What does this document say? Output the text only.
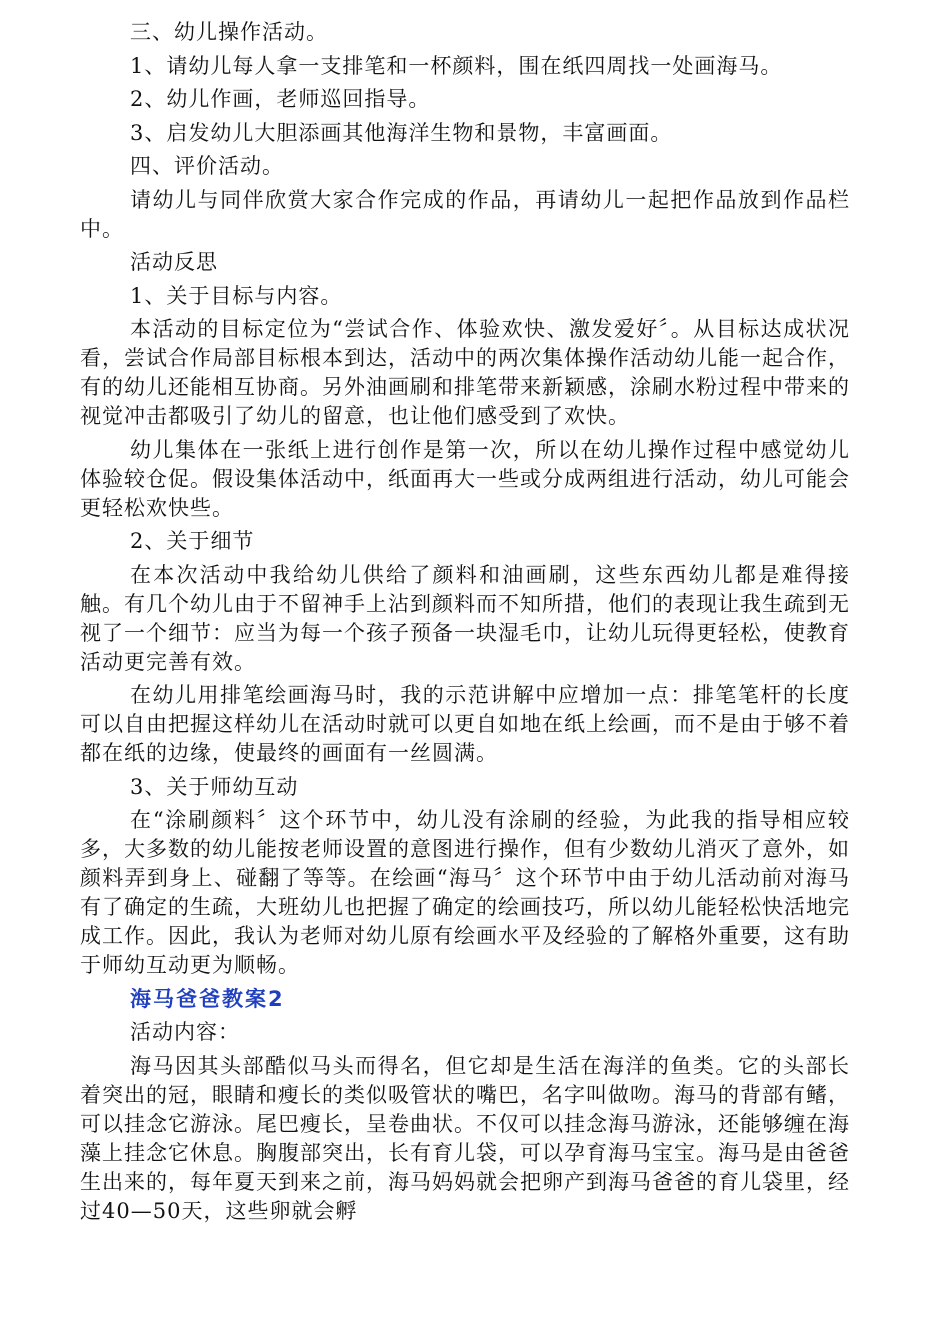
三、幼儿操作活动。

1、请幼儿每人拿一支排笔和一杯颜料，围在纸四周找一处画海马。

2、幼儿作画，老师巡回指导。

3、启发幼儿大胆添画其他海洋生物和景物，丰富画面。

四、评价活动。

请幼儿与同伴欣赏大家合作完成的作品，再请幼儿一起把作品放到作品栏中。

活动反思

1、关于目标与内容。

本活动的目标定位为“尝试合作、体验欢快、激发爱好〞。从目标达成状况看，尝试合作局部目标根本到达，活动中的两次集体操作活动幼儿能一起合作，有的幼儿还能相互协商。另外油画刷和排笔带来新颖感，涂刷水粉过程中带来的视觉冲击都吸引了幼儿的留意，也让他们感受到了欢快。

幼儿集体在一张纸上进行创作是第一次，所以在幼儿操作过程中感觉幼儿体验较仓促。假设集体活动中，纸面再大一些或分成两组进行活动，幼儿可能会更轻松欢快些。

2、关于细节

在本次活动中我给幼儿供给了颜料和油画刷，这些东西幼儿都是难得接触。有几个幼儿由于不留神手上沾到颜料而不知所措，他们的表现让我生疏到无视了一个细节：应当为每一个孩子预备一块湿毛巾，让幼儿玩得更轻松，使教育活动更完善有效。

在幼儿用排笔绘画海马时，我的示范讲解中应增加一点：排笔笔杆的长度可以自由把握这样幼儿在活动时就可以更自如地在纸上绘画，而不是由于够不着都在纸的边缘，使最终的画面有一丝圆满。

3、关于师幼互动

在“涂刷颜料〞这个环节中，幼儿没有涂刷的经验，为此我的指导相应较多，大多数的幼儿能按老师设置的意图进行操作，但有少数幼儿消灭了意外，如颜料弄到身上、碰翻了等等。在绘画“海马〞这个环节中由于幼儿活动前对海马有了确定的生疏，大班幼儿也把握了确定的绘画技巧，所以幼儿能轻松快活地完成工作。因此，我认为老师对幼儿原有绘画水平及经验的了解格外重要，这有助于师幼互动更为顺畅。

海马爸爸教案2

活动内容：

海马因其头部酷似马头而得名，但它却是生活在海洋的鱼类。它的头部长着突出的冠，眼睛和瘦长的类似吸管状的嘴巴，名字叫做吻。海马的背部有鳍，可以挂念它游泳。尾巴瘦长，呈卷曲状。不仅可以挂念海马游泳，还能够缠在海藻上挂念它休息。胸腹部突出，长有育儿袋，可以孕育海马宝宝。海马是由爸爸生出来的，每年夏天到来之前，海马妈妈就会把卵产到海马爸爸的育儿袋里，经过40—50天，这些卵就会孵
